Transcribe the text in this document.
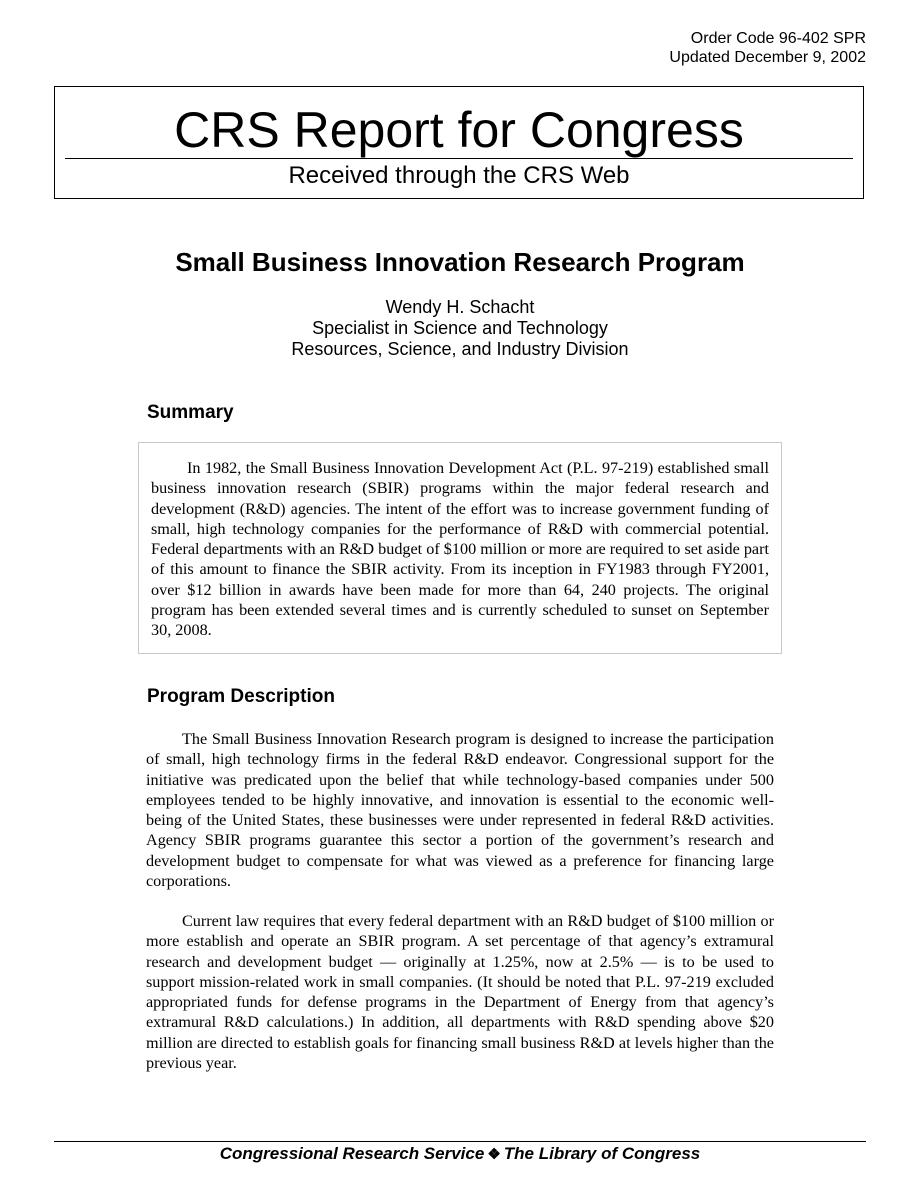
Order Code 96-402 SPR
Updated December 9, 2002
CRS Report for Congress
Received through the CRS Web
Small Business Innovation Research Program
Wendy H. Schacht
Specialist in Science and Technology
Resources, Science, and Industry Division
Summary

In 1982, the Small Business Innovation Development Act (P.L. 97-219) established small business innovation research (SBIR) programs within the major federal research and development (R&D) agencies. The intent of the effort was to increase government funding of small, high technology companies for the performance of R&D with commercial potential. Federal departments with an R&D budget of $100 million or more are required to set aside part of this amount to finance the SBIR activity. From its inception in FY1983 through FY2001, over $12 billion in awards have been made for more than 64, 240 projects. The original program has been extended several times and is currently scheduled to sunset on September 30, 2008.

Program Description

The Small Business Innovation Research program is designed to increase the participation of small, high technology firms in the federal R&D endeavor. Congressional support for the initiative was predicated upon the belief that while technology-based companies under 500 employees tended to be highly innovative, and innovation is essential to the economic well-being of the United States, these businesses were under represented in federal R&D activities. Agency SBIR programs guarantee this sector a portion of the government’s research and development budget to compensate for what was viewed as a preference for financing large corporations.

Current law requires that every federal department with an R&D budget of $100 million or more establish and operate an SBIR program. A set percentage of that agency’s extramural research and development budget — originally at 1.25%, now at 2.5% — is to be used to support mission-related work in small companies. (It should be noted that P.L. 97-219 excluded appropriated funds for defense programs in the Department of Energy from that agency’s extramural R&D calculations.) In addition, all departments with R&D spending above $20 million are directed to establish goals for financing small business R&D at levels higher than the previous year.

Congressional Research Service ❖ The Library of Congress
